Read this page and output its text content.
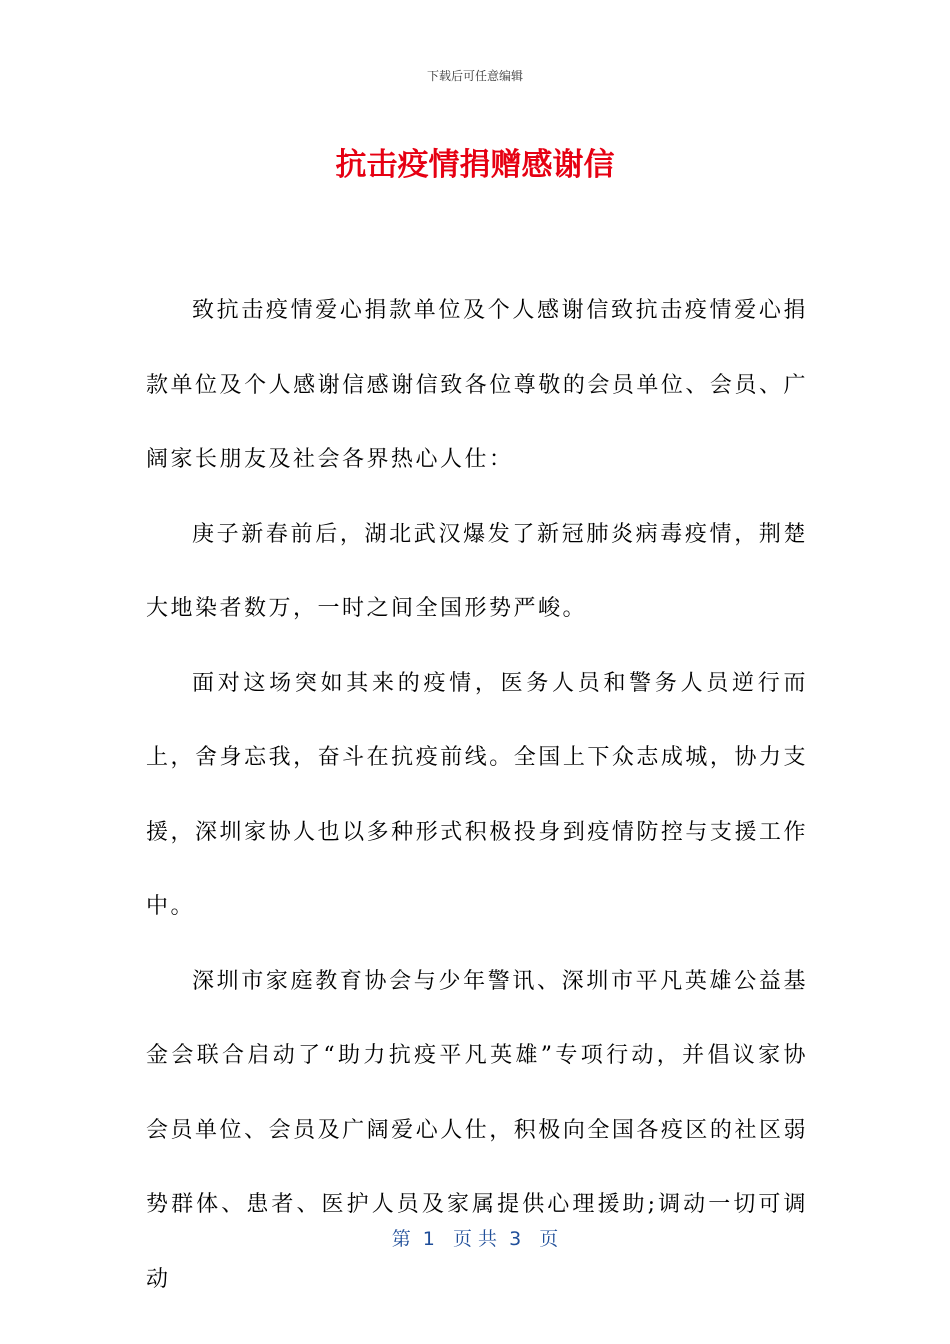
下载后可任意编辑
抗击疫情捐赠感谢信

致抗击疫情爱心捐款单位及个人感谢信致抗击疫情爱心捐款单位及个人感谢信感谢信致各位尊敬的会员单位、会员、广阔家长朋友及社会各界热心人仕：

庚子新春前后，湖北武汉爆发了新冠肺炎病毒疫情，荆楚大地染者数万，一时之间全国形势严峻。

面对这场突如其来的疫情，医务人员和警务人员逆行而上，舍身忘我，奋斗在抗疫前线。全国上下众志成城，协力支援，深圳家协人也以多种形式积极投身到疫情防控与支援工作中。

深圳市家庭教育协会与少年警讯、深圳市平凡英雄公益基金会联合启动了“助力抗疫平凡英雄”专项行动，并倡议家协会员单位、会员及广阔爱心人仕，积极向全国各疫区的社区弱势群体、患者、医护人员及家属提供心理援助;调动一切可调动

第  1   页 共  3   页
